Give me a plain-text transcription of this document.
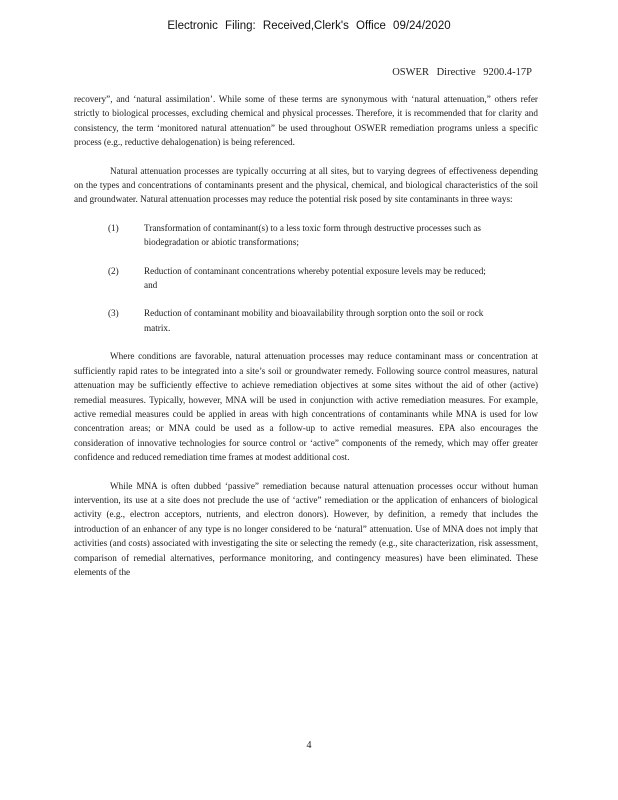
Electronic Filing: Received,Clerk's Office 09/24/2020
OSWER Directive 9200.4-17P

recovery”, and ‘natural assimilation’. While some of these terms are synonymous with ‘natural attenuation,” others refer strictly to biological processes, excluding chemical and physical processes. Therefore, it is recommended that for clarity and consistency, the term ‘monitored natural attenuation” be used throughout OSWER remediation programs unless a specific process (e.g., reductive dehalogenation) is being referenced.

Natural attenuation processes are typically occurring at all sites, but to varying degrees of effectiveness depending on the types and concentrations of contaminants present and the physical, chemical, and biological characteristics of the soil and groundwater. Natural attenuation processes may reduce the potential risk posed by site contaminants in three ways:

(1)	Transformation of contaminant(s) to a less toxic form through destructive processes such as biodegradation or abiotic transformations;
(2)	Reduction of contaminant concentrations whereby potential exposure levels may be reduced; and
(3)	Reduction of contaminant mobility and bioavailability through sorption onto the soil or rock matrix.

Where conditions are favorable, natural attenuation processes may reduce contaminant mass or concentration at sufficiently rapid rates to be integrated into a site’s soil or groundwater remedy. Following source control measures, natural attenuation may be sufficiently effective to achieve remediation objectives at some sites without the aid of other (active) remedial measures. Typically, however, MNA will be used in conjunction with active remediation measures. For example, active remedial measures could be applied in areas with high concentrations of contaminants while MNA is used for low concentration areas; or MNA could be used as a follow-up to active remedial measures. EPA also encourages the consideration of innovative technologies for source control or ‘active” components of the remedy, which may offer greater confidence and reduced remediation time frames at modest additional cost.

While MNA is often dubbed ‘passive” remediation because natural attenuation processes occur without human intervention, its use at a site does not preclude the use of ‘active” remediation or the application of enhancers of biological activity (e.g., electron acceptors, nutrients, and electron donors). However, by definition, a remedy that includes the introduction of an enhancer of any type is no longer considered to be ‘natural” attenuation. Use of MNA does not imply that activities (and costs) associated with investigating the site or selecting the remedy (e.g., site characterization, risk assessment, comparison of remedial alternatives, performance monitoring, and contingency measures) have been eliminated. These elements of the

4
